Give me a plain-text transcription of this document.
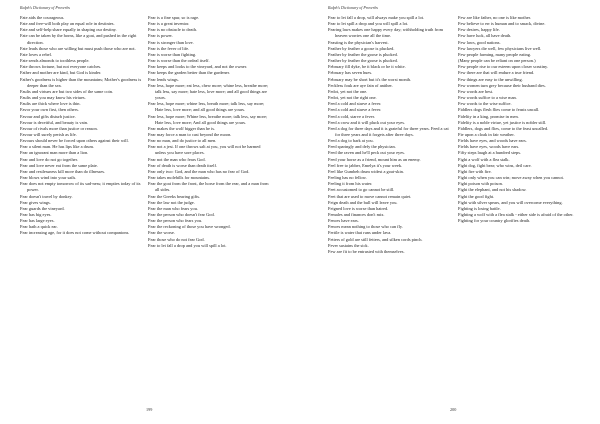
Ralph's Dictionary of Proverbs

Fate aids the courageous.

Fate and free-will both play an equal role in destinies.

Fate and self-help share equally in shaping our destiny.

Fate can be taken by the horns, like a goat, and pushed in the right direction.

Fate leads those who are willing but must push those who are not.

Fate loves a rebel.

Fate sends almonds to toothless people.

Fate throws fortune, but not everyone catches.

Father and mother are kind, but God is kinder.

Father's goodness is higher than the mountains; Mother's goodness is deeper than the sea.

Faults and virtues are but two sides of the same coin.

Faults and you may know his virtues.

Faults are thick where love is thin.

Favor your own first, then others.

Favour and gifts disturb justice.

Favour is deceitful, and beauty is vain.

Favour of rivals more than justice or reason.

Favour will surely perish as life.

Favours should never be forced upon others against their will.

Fear a silent man. He has lips like a drum.

Fear an ignorant man more than a lion.

Fear and love do not go together.

Fear and love never eat from the same plate.

Fear and restlessness kill more than do illnesses.

Fear blows wind into your sails.

Fear does not empty tomorrow of its sad-ness; it empties today of its power.

Fear doesn't travel by donkey.

Fear gives wings.

Fear guards the vineyard.

Fear has big eyes.

Fear has large eyes.

Fear hath a quick ear.

Fear increasing age, for it does not come without companions.

Fear is a fine spur, so is rage.

Fear is a great inventor.

Fear is no obstacle to death.

Fear is power.

Fear is stronger than love.

Fear is the fever of life.

Fear is worse than fighting.

Fear is worse than the ordeal itself.

Fear keeps and looks to the vineyard, and not the owner.

Fear keeps the garden better than the gardener.

Fear lends wings.

Fear less, hope more; eat less, chew more; whine less, breathe more; talk less, say more; hate less, love more; and all good things are yours.

Fear less, hope more; whine less, breath more; talk less, say more; Hate less, love more; and all good things are yours.

Fear less, hope more; Whine less, breathe more; talk less, say more; Hate less, love more; And all good things are yours.

Fear makes the wolf bigger than he is.

Fear may force a man to cast beyond the moon.

Fear no man, and do justice to all men.

Fear not a jest. If one throws salt at you, you will not be harmed unless you have sore places.

Fear not the man who fears God.

Fear of death is worse than death itself.

Fear only two: God, and the man who has no fear of God.

Fear takes molehills for mountains.

Fear the goat from the front, the horse from the rear, and a man from all sides.

Fear the Greeks bearing gifts.

Fear the law not the judge.

Fear the man who fears you.

Fear the person who doesn't fear God.

Fear the person who fears you.

Fear the reckoning of those you have wronged.

Fear the worse.

Fear those who do not fear God.

Fear to let fall a drop and you will spill a lot.

199
Ralph's Dictionary of Proverbs

Fear to let fall a drop, will always make you spill a lot.

Fear to let spill a drop and you will spill a lot.

Fearing laws makes one happy every day; withholding truth from heaven worries one all the time.

Feasting is the physician's harvest.

Feather by feather a goose is plucked.

Feather by feather the goose is plucked.

Feather by feather the goose is plucked.

February fill dyke, be it black or be it white.

February has seven hues.

February may be short but it's the worst month.

Feckless fouk are aye fain of anither.

Fedot, yet not the one.

Fedot, yet not the right one.

Feed a cold and starve a fever.

Feed a cold and starve a fever.

Feed a cold, starve a fever.

Feed a crow and it will pluck out your eyes.

Feed a dog for three days and it is grateful for three years. Feed a cat for three years and it forgets after three days.

Feed a dog to bark at you.

Feed sparingly and defy the physician.

Feed the raven and he'll peck out your eyes.

Feed your horse as a friend, mount him as an enemy.

Feel free to jabber, Emelya it's your week.

Feel like Gumbeh drum widest a goat-skin.

Feeling has no fellow.

Feeling it from his water.

Feet accustomed to go cannot be still.

Feet that are used to move cannot remain quiet.

Feign death and the bull will leave you.

Feigned love is worse than hatred.

Females and finances don't mix.

Fences have ears.

Fences mean nothing to those who can fly.

Fertile is water that runs under lava.

Fetters of gold are still fetters, and silken cords pinch.

Fever sustains the sick.

Few are fit to be entrusted with themselves.

Few are like father, no one is like mother.

Few believe to err is human and to smack, divine.

Few desires, happy life.

Few have luck, all have death.

Few laws, good nations.

Few lawyers die well, few physicians live well.

Few people farming, many people eating.

(Many people can be reliant on one person.)

Few people rise to our esteem upon closer scrutiny.

Few there are that will endure a true friend.

Few things are easy to the unwilling.

Few women turn grey because their husband dies.

Few words are best.

Few words suffice to a wise man.

Few words to the wise suffice.

Fiddlers dogs flesh flies come to feasts uncall.

Fidelity in a king, promise in men.

Fidelity is a noble virtue, yet justice is nobler still.

Fiddlers, dogs and flies, come to the feast uncalled.

Fie upon a cloak in fair weather.

Fields have eyes, and woods have ears.

Fields have eyes, woods have ears.

Fifty steps laugh at a hundred steps.

Fight a wolf with a flea stalk.

Fight dog, fight bear; who wins, deil care.

Fight fire with fire.

Fight only when you can win; move away when you cannot.

Fight poison with poison.

Fight the elephant, and not his shadow.

Fight the good fight.

Fight with silver spears, and you will overcome everything.

Fighting is losing battle.

Fighting a wolf with a flea stalk - either side is afraid of the other.

Fighting for your country glorifies death.

200
